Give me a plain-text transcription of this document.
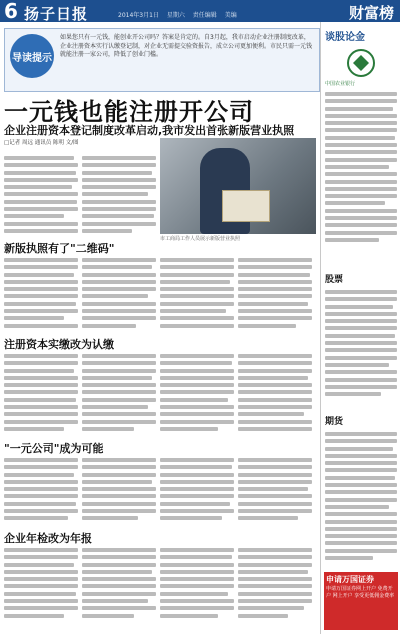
6 扬子日报	2014年3月1日 星期六 责任编辑 美编	财富榜
导读提示
如果您只有一元钱，能创业开公司吗？答案是肯定的。自3月起，我市启动企业注册制度改革，企业注册资本实行认缴登记制，对企业无需提交验资报告，成立公司更加便利。市民只需一元钱就能注册一家公司，降低了创业门槛。
一元钱也能注册开公司
企业注册资本登记制度改革启动,我市发出首张新版营业执照
□记者 周远 通讯员 陈明 文/图
市工商局工作人员展示新版营业执照
新版执照有了"二维码"
注册资本实缴改为认缴
"一元公司"成为可能
企业年检改为年报
谈股论金
中国农业银行
股票
期货
申请万国证券
申请万国证券网上开户 免费开户 网上开户 享受更低佣金费率
